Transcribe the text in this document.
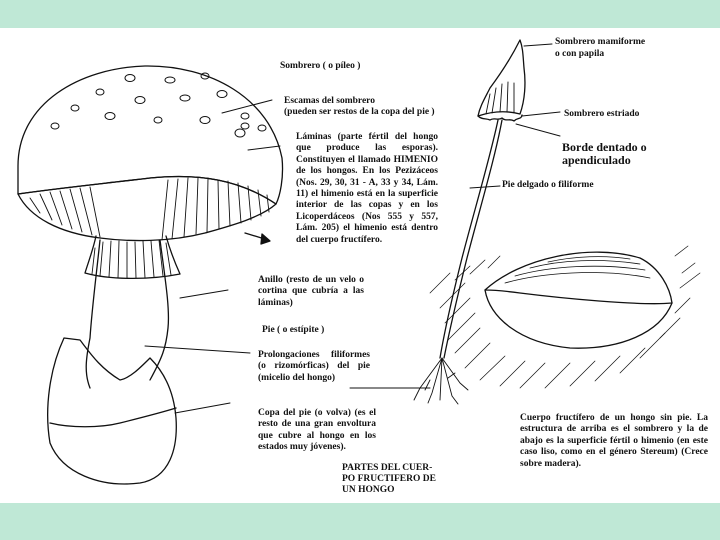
Sombrero ( o píleo )
Escamas del sombrero
(pueden ser restos de la copa del pie )
Láminas (parte fértil del hongo que produce las esporas). Constituyen el llamado HIMENIO de los hongos. En los Pezizáceos (Nos. 29, 30, 31 - A, 33 y 34, Lám. 11) el himenio está en la superficie interior de las copas y en los Licoperdáceos (Nos 555 y 557, Lám. 205) el himenio está dentro del cuerpo fructífero.
Anillo (resto de un velo o cortina que cubría a las láminas)
Pie ( o estípite )
Prolongaciones filiformes (o rizomórficas) del pie (micelio del hongo)
Copa del pie (o volva) (es el resto de una gran envoltura que cubre al hongo en los estados muy jóvenes).
Sombrero mamiforme
o con papila
Sombrero estriado
Borde dentado o
apendiculado
Pie delgado o filiforme
Cuerpo fructífero de un hongo sin pie. La estructura de arriba es el sombrero y la de abajo es la superficie fértil o himenio (en este caso liso, como en el género Stereum) (Crece sobre madera).
PARTES DEL CUER-
PO FRUCTIFERO DE
UN HONGO
